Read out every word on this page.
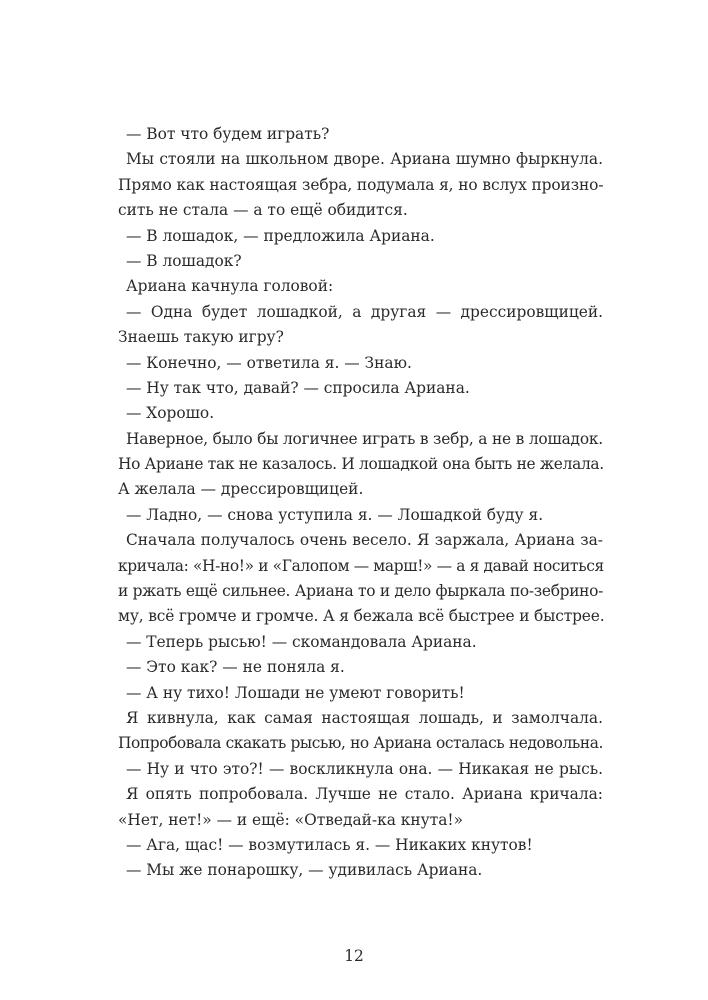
— Вот что будем играть?
Мы стояли на школьном дворе. Ариана шумно фыркнула.
Прямо как настоящая зебра, подумала я, но вслух произно-
сить не стала — а то ещё обидится.
— В лошадок, — предложила Ариана.
— В лошадок?
Ариана качнула головой:
— Одна будет лошадкой, а другая — дрессировщицей.
Знаешь такую игру?
— Конечно, — ответила я. — Знаю.
— Ну так что, давай? — спросила Ариана.
— Хорошо.
Наверное, было бы логичнее играть в зебр, а не в лошадок.
Но Ариане так не казалось. И лошадкой она быть не желала.
А желала — дрессировщицей.
— Ладно, — снова уступила я. — Лошадкой буду я.
Сначала получалось очень весело. Я заржала, Ариана за-
кричала: «Н-но!» и «Галопом — марш!» — а я давай носиться
и ржать ещё сильнее. Ариана то и дело фыркала по-зебрино-
му, всё громче и громче. А я бежала всё быстрее и быстрее.
— Теперь рысью! — скомандовала Ариана.
— Это как? — не поняла я.
— А ну тихо! Лошади не умеют говорить!
Я кивнула, как самая настоящая лошадь, и замолчала.
Попробовала скакать рысью, но Ариана осталась недовольна.
— Ну и что это?! — воскликнула она. — Никакая не рысь.
Я опять попробовала. Лучше не стало. Ариана кричала:
«Нет, нет!» — и ещё: «Отведай-ка кнута!»
— Ага, щас! — возмутилась я. — Никаких кнутов!
— Мы же понарошку, — удивилась Ариана.
12
